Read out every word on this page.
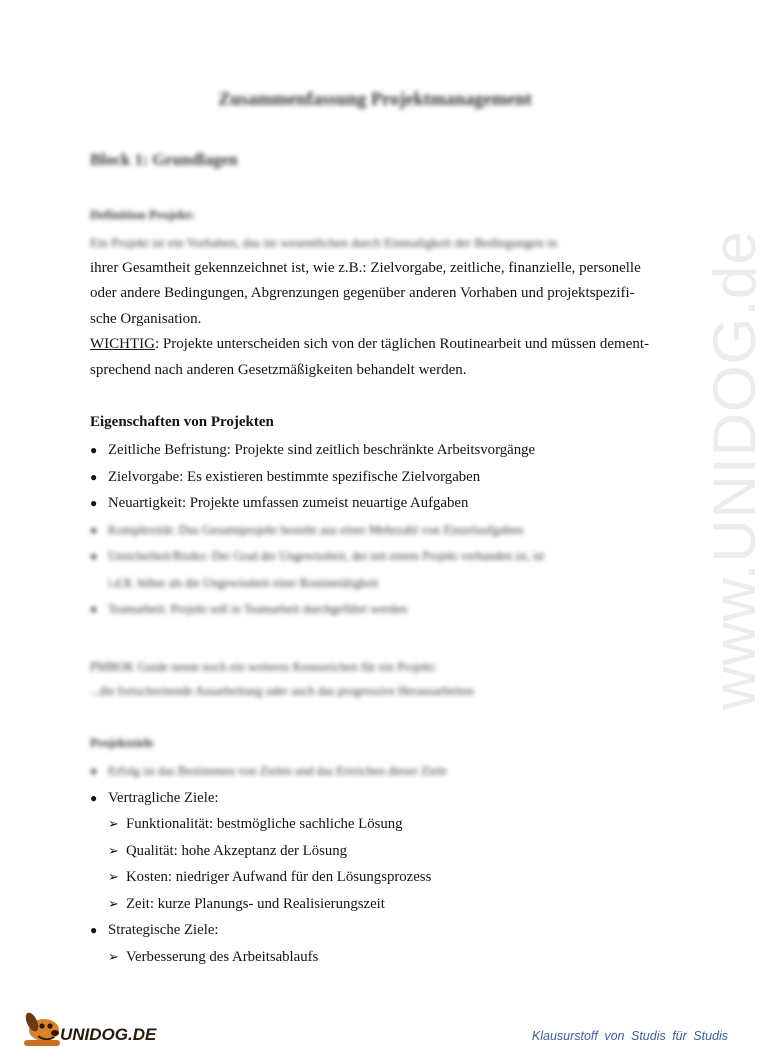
www.UNIDOG.de
Zusammenfassung Projektmanagement
Block 1: Grundlagen
Definition Projekt:

Ein Projekt ist ein Vorhaben, das im wesentlichen durch Einmaligkeit der Bedingungen in

ihrer Gesamtheit gekennzeichnet ist, wie z.B.: Zielvorgabe, zeitliche, finanzielle, personelle

oder andere Bedingungen, Abgrenzungen gegenüber anderen Vorhaben und projektspezifi-

sche Organisation.

WICHTIG: Projekte unterscheiden sich von der täglichen Routinearbeit und müssen dement-

sprechend nach anderen Gesetzmäßigkeiten behandelt werden.

Eigenschaften von Projekten
● Zeitliche Befristung: Projekte sind zeitlich beschränkte Arbeitsvorgänge
● Zielvorgabe: Es existieren bestimmte spezifische Zielvorgaben
● Neuartigkeit: Projekte umfassen zumeist neuartige Aufgaben
● Komplexität: Das Gesamtprojekt besteht aus einer Mehrzahl von Einzelaufgaben
● Unsicherheit/Risiko: Der Grad der Ungewissheit, der mit einem Projekt verbunden ist, ist
i.d.R. höher als die Ungewissheit einer Routinetätigkeit
● Teamarbeit: Projekt soll in Teamarbeit durchgeführt werden

PMBOK Guide nennt noch ein weiteres Kennzeichen für ein Projekt:

...die fortschreitende Ausarbeitung oder auch das progressive Herausarbeiten

Projektziele
● Erfolg ist das Bestimmen von Zielen und das Erreichen dieser Ziele
● Vertragliche Ziele:
➢ Funktionalität: bestmögliche sachliche Lösung
➢ Qualität: hohe Akzeptanz der Lösung
➢ Kosten: niedriger Aufwand für den Lösungsprozess
➢ Zeit: kurze Planungs- und Realisierungszeit
● Strategische Ziele:
➢ Verbesserung des Arbeitsablaufs
UNIDOG.DE	Klausurstoff von Studis für Studis
